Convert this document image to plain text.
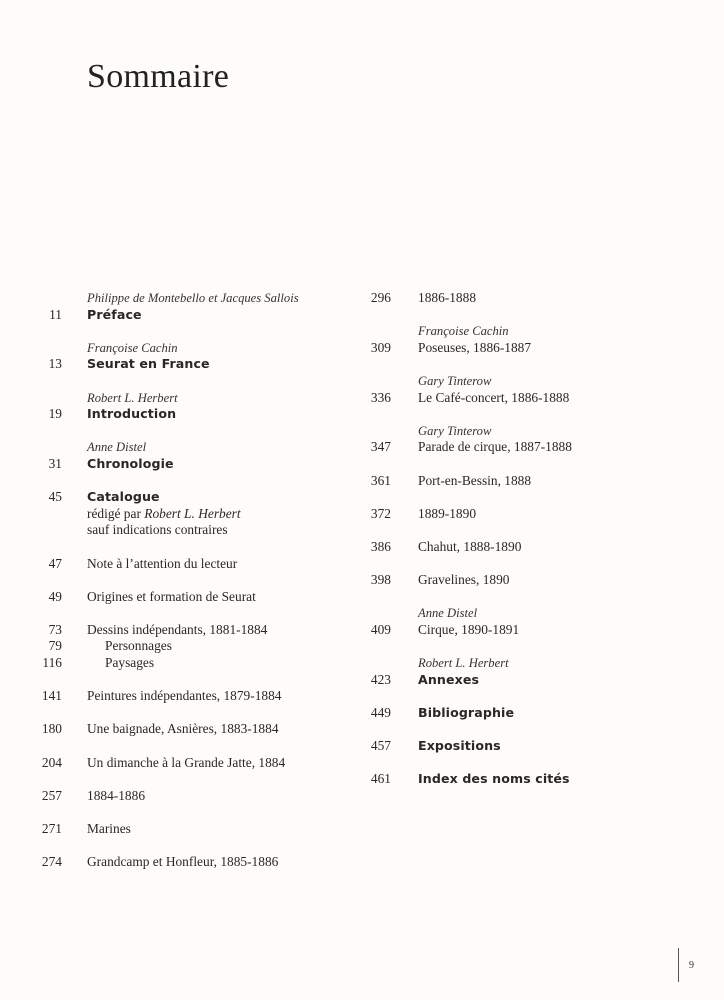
Sommaire
Philippe de Montebello et Jacques Sallois
11 Préface
Françoise Cachin
13 Seurat en France
Robert L. Herbert
19 Introduction
Anne Distel
31 Chronologie
45 Catalogue
rédigé par Robert L. Herbert
sauf indications contraires
47 Note à l’attention du lecteur
49 Origines et formation de Seurat
73 Dessins indépendants, 1881-1884
79	Personnages
116	Paysages
141 Peintures indépendantes, 1879-1884
180 Une baignade, Asnières, 1883-1884
204 Un dimanche à la Grande Jatte, 1884
257 1884-1886
271 Marines
274 Grandcamp et Honfleur, 1885-1886
296 1886-1888
Françoise Cachin
309 Poseuses, 1886-1887
Gary Tinterow
336 Le Café-concert, 1886-1888
Gary Tinterow
347 Parade de cirque, 1887-1888
361 Port-en-Bessin, 1888
372 1889-1890
386 Chahut, 1888-1890
398 Gravelines, 1890
Anne Distel
409 Cirque, 1890-1891
Robert L. Herbert
423 Annexes
449 Bibliographie
457 Expositions
461 Index des noms cités
9
